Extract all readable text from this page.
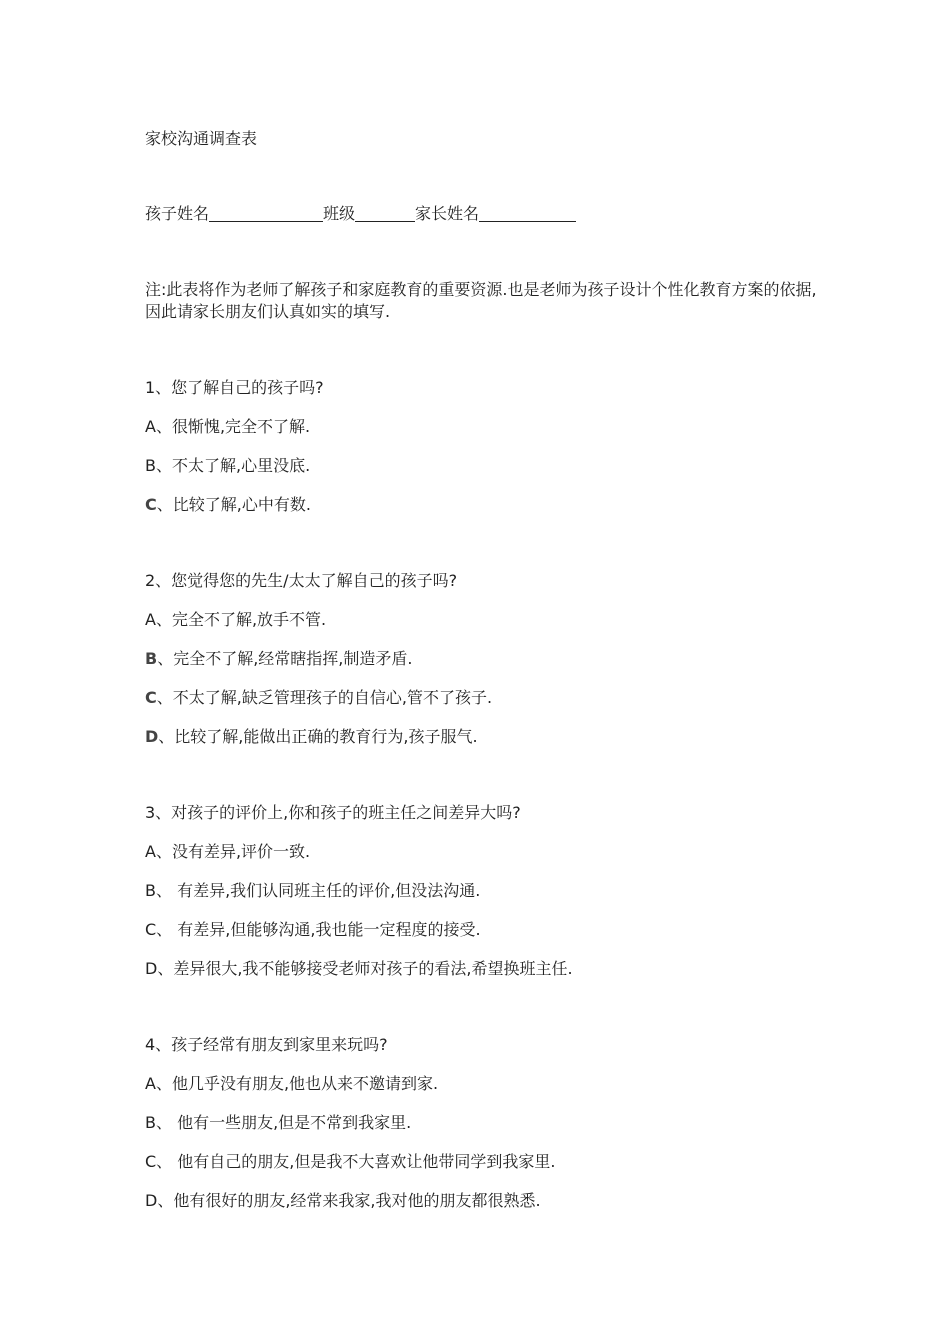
家校沟通调查表
孩子姓名	班级	家长姓名
注:此表将作为老师了解孩子和家庭教育的重要资源.也是老师为孩子设计个性化教育方案的依据,因此请家长朋友们认真如实的填写.
1、您了解自己的孩子吗?
A、很惭愧,完全不了解.
B、不太了解,心里没底.
C、比较了解,心中有数.
2、您觉得您的先生/太太了解自己的孩子吗?
A、完全不了解,放手不管.
B、完全不了解,经常瞎指挥,制造矛盾.
C、不太了解,缺乏管理孩子的自信心,管不了孩子.
D、比较了解,能做出正确的教育行为,孩子服气.
3、对孩子的评价上,你和孩子的班主任之间差异大吗?
A、没有差异,评价一致.
B、 有差异,我们认同班主任的评价,但没法沟通.
C、 有差异,但能够沟通,我也能一定程度的接受.
D、差异很大,我不能够接受老师对孩子的看法,希望换班主任.
4、孩子经常有朋友到家里来玩吗?
A、他几乎没有朋友,他也从来不邀请到家.
B、 他有一些朋友,但是不常到我家里.
C、 他有自己的朋友,但是我不大喜欢让他带同学到我家里.
D、他有很好的朋友,经常来我家,我对他的朋友都很熟悉.
